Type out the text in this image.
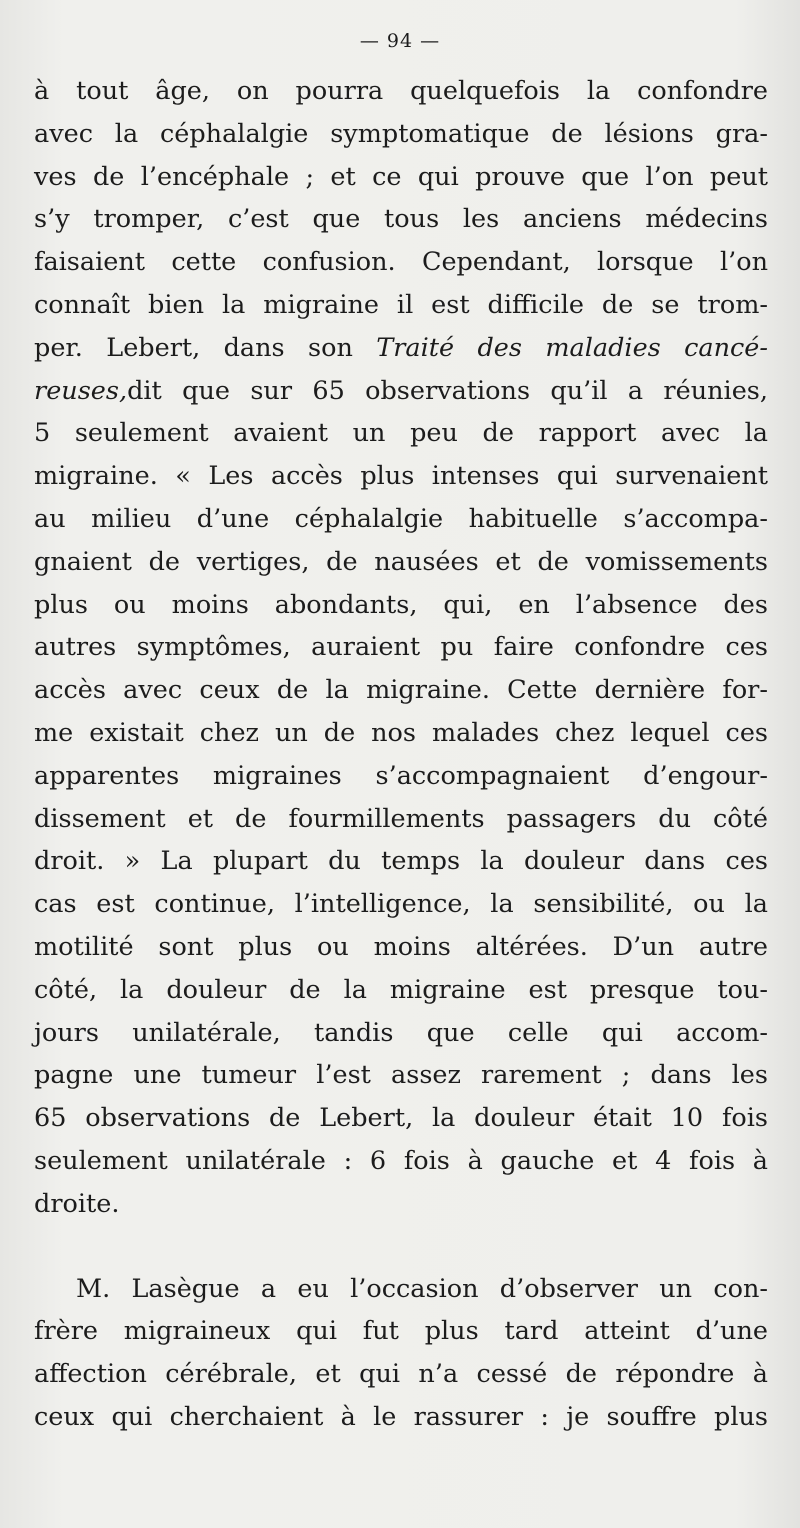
— 94 —
à tout âge, on pourra quelquefois la confondre
avec la céphalalgie symptomatique de lésions gra-
ves de l’encéphale ; et ce qui prouve que l’on peut
s’y tromper, c’est que tous les anciens médecins
faisaient cette confusion. Cependant, lorsque l’on
connaît bien la migraine il est difficile de se trom-
per. Lebert, dans son Traité des maladies cancé-
reuses,dit que sur 65 observations qu’il a réunies,
5 seulement avaient un peu de rapport avec la
migraine. « Les accès plus intenses qui survenaient
au milieu d’une céphalalgie habituelle s’accompa-
gnaient de vertiges, de nausées et de vomissements
plus ou moins abondants, qui, en l’absence des
autres symptômes, auraient pu faire confondre ces
accès avec ceux de la migraine. Cette dernière for-
me existait chez un de nos malades chez lequel ces
apparentes migraines s’accompagnaient d’engour-
dissement et de fourmillements passagers du côté
droit. » La plupart du temps la douleur dans ces
cas est continue, l’intelligence, la sensibilité, ou la
motilité sont plus ou moins altérées. D’un autre
côté, la douleur de la migraine est presque tou-
jours unilatérale, tandis que celle qui accom-
pagne une tumeur l’est assez rarement ; dans les
65 observations de Lebert, la douleur était 10 fois
seulement unilatérale : 6 fois à gauche et 4 fois à
droite.
M. Lasègue a eu l’occasion d’observer un con-
frère migraineux qui fut plus tard atteint d’une
affection cérébrale, et qui n’a cessé de répondre à
ceux qui cherchaient à le rassurer : je souffre plus
